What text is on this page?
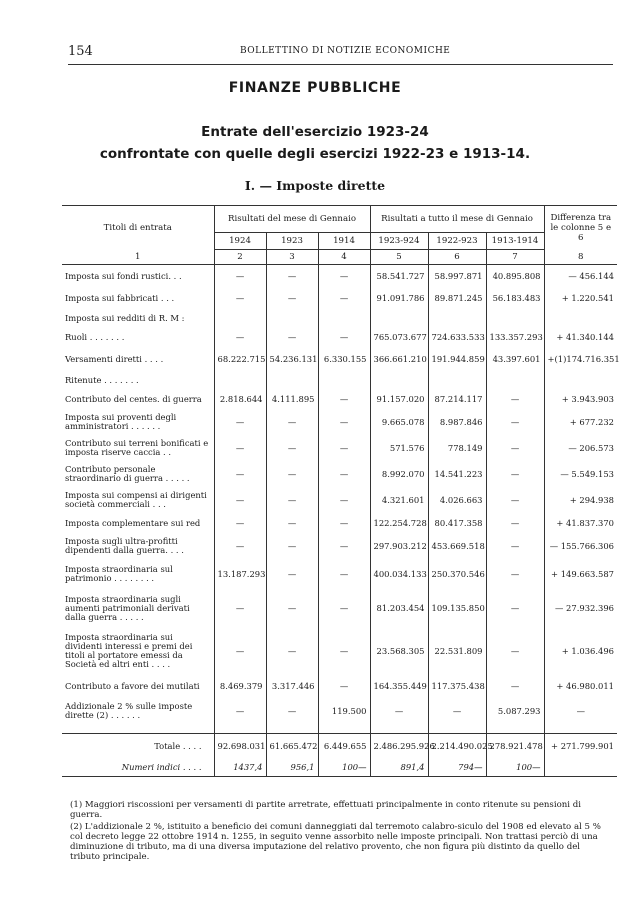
154	BOLLETTINO DI NOTIZIE ECONOMICHE
FINANZE PUBBLICHE
Entrate dell'esercizio 1923-24
confrontate con quelle degli esercizi 1922-23 e 1913-14.
I. — Imposte dirette
Titoli di entrata	Risultati del mese di Gennaio			Risultati a tutto il mese di Gennaio			Differenza tra le colonne 5 e 6
	1924	1923	1914	1923-924	1922-923	1913-1914	
1	2	3	4	5	6	7	8
Imposta sui fondi rustici. . .	—	—	—	58.541.727	58.997.871	40.895.808	— 456.144
Imposta sui fabbricati . . .	—	—	—	91.091.786	89.871.245	56.183.483	+ 1.220.541
Imposta sui redditi di R. M :							
Ruoli . . . . . . .	—	—	—	765.073.677	724.633.533	133.357.293	+ 41.340.144
Versamenti diretti . . . .	68.222.715	54.236.131	6.330.155	366.661.210	191.944.859	43.397.601	+(1)174.716.351
Ritenute . . . . . . .							
Contributo del centes. di guerra	2.818.644	4.111.895	—	91.157.020	87.214.117	—	+ 3.943.903
Imposta sui proventi degli amministratori . . . . . .	—	—	—	9.665.078	8.987.846	—	+ 677.232
Contributo sui terreni bonificati e imposta riserve caccia . .	—	—	—	571.576	778.149	—	— 206.573
Contributo personale straordinario di guerra . . . . .	—	—	—	8.992.070	14.541.223	—	— 5.549.153
Imposta sui compensi ai dirigenti società commerciali . . .	—	—	—	4.321.601	4.026.663	—	+ 294.938
Imposta complementare sui red	—	—	—	122.254.728	80.417.358	—	+ 41.837.370
Imposta sugli ultra-profitti dipendenti dalla guerra. . . .	—	—	—	297.903.212	453.669.518	—	— 155.766.306
Imposta straordinaria sul patrimonio . . . . . . . .	13.187.293	—	—	400.034.133	250.370.546	—	+ 149.663.587
Imposta straordinaria sugli aumenti patrimoniali derivati dalla guerra . . . . .	—	—	—	81.203.454	109.135.850	—	— 27.932.396
Imposta straordinaria sui dividenti interessi e premi dei titoli al portatore emessi da Società ed altri enti . . . .	—	—	—	23.568.305	22.531.809	—	+ 1.036.496
Contributo a favore dei mutilati	8.469.379	3.317.446	—	164.355.449	117.375.438	—	+ 46.980.011
Addizionale 2 % sulle imposte dirette (2) . . . . . .	—	—	119.500	—	—	5.087.293	—

Totale . . . .	92.698.031	61.665.472	6.449.655	2.486.295.926	2.214.490.025	278.921.478	+ 271.799.901
Numeri indici . . . .	1437,4	956,1	100—	891,4	794—	100—	
(1) Maggiori riscossioni per versamenti di partite arretrate, effettuati principalmente in conto ritenute su pensioni di guerra.
(2) L'addizionale 2 %, istituito a beneficio dei comuni danneggiati dal terremoto calabro-siculo del 1908 ed elevato al 5 % col decreto legge 22 ottobre 1914 n. 1255, in seguito venne assorbito nelle imposte principali. Non trattasi perciò di una diminuzione di tributo, ma di una diversa imputazione del relativo provento, che non figura più distinto da quello del tributo principale.
